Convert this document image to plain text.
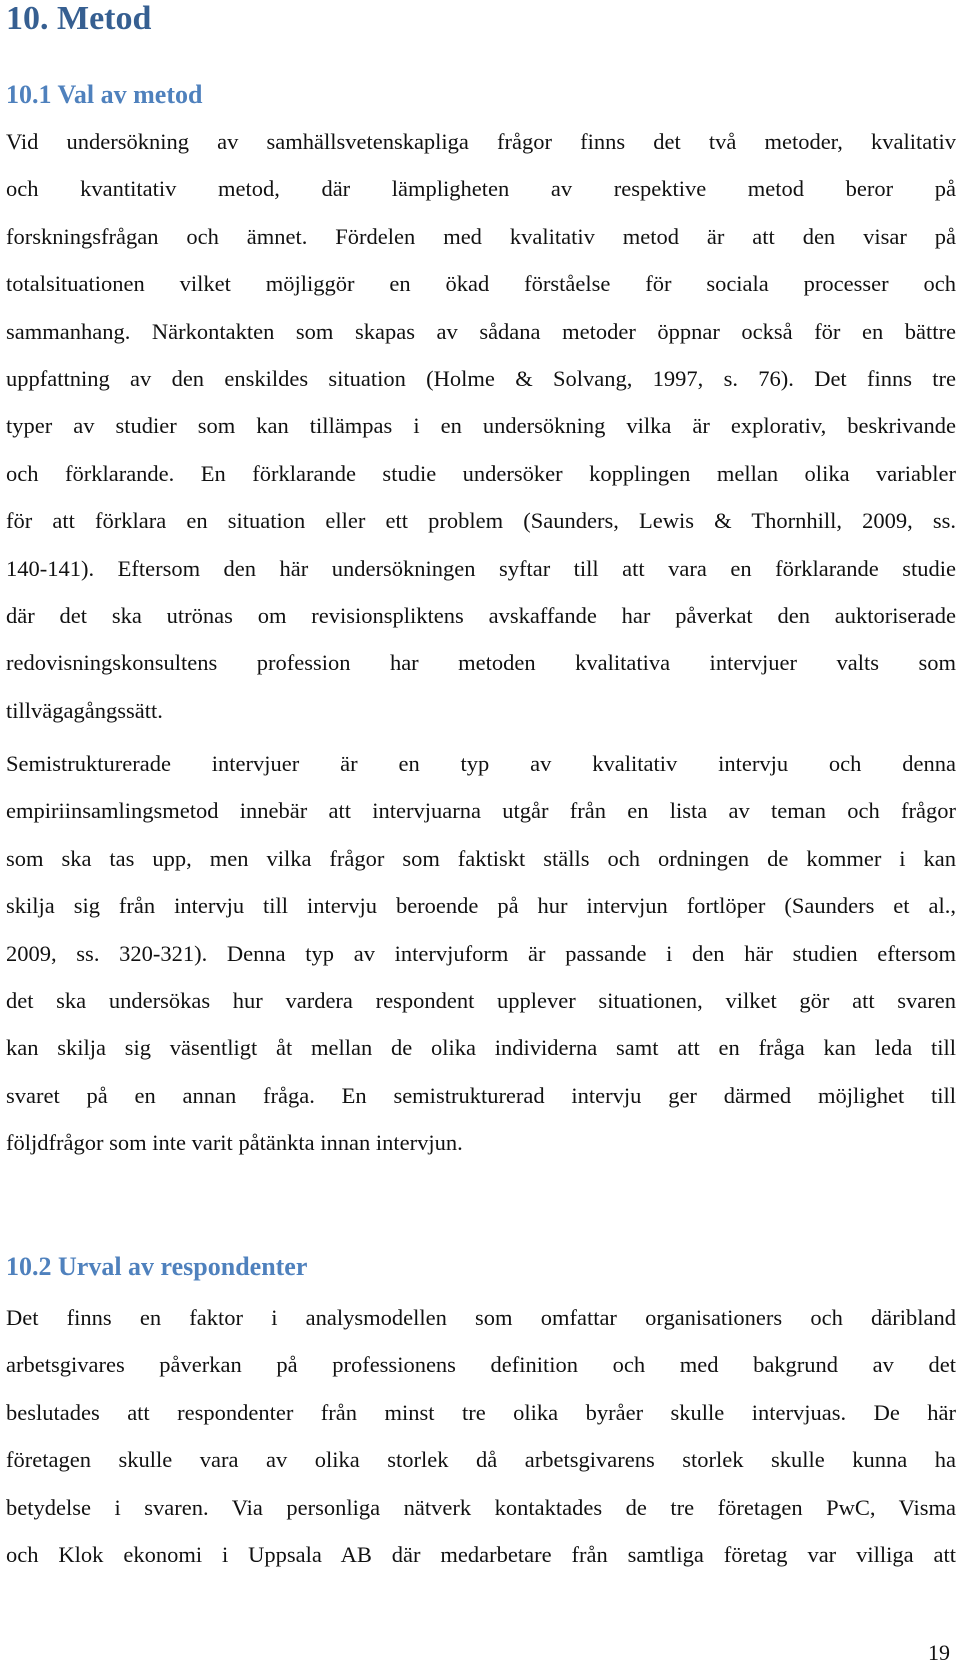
10. Metod
10.1 Val av metod

Vid undersökning av samhällsvetenskapliga frågor finns det två metoder, kvalitativ
och kvantitativ metod, där lämpligheten av respektive metod beror på
forskningsfrågan och ämnet. Fördelen med kvalitativ metod är att den visar på
totalsituationen vilket möjliggör en ökad förståelse för sociala processer och
sammanhang. Närkontakten som skapas av sådana metoder öppnar också för en bättre
uppfattning av den enskildes situation (Holme & Solvang, 1997, s. 76). Det finns tre
typer av studier som kan tillämpas i en undersökning vilka är explorativ, beskrivande
och förklarande. En förklarande studie undersöker kopplingen mellan olika variabler
för att förklara en situation eller ett problem (Saunders, Lewis & Thornhill, 2009, ss.
140-141). Eftersom den här undersökningen syftar till att vara en förklarande studie
där det ska utrönas om revisionspliktens avskaffande har påverkat den auktoriserade
redovisningskonsultens profession har metoden kvalitativa intervjuer valts som
tillvägagångssätt.

Semistrukturerade intervjuer är en typ av kvalitativ intervju och denna
empiriinsamlingsmetod innebär att intervjuarna utgår från en lista av teman och frågor
som ska tas upp, men vilka frågor som faktiskt ställs och ordningen de kommer i kan
skilja sig från intervju till intervju beroende på hur intervjun fortlöper (Saunders et al.,
2009, ss. 320-321). Denna typ av intervjuform är passande i den här studien eftersom
det ska undersökas hur vardera respondent upplever situationen, vilket gör att svaren
kan skilja sig väsentligt åt mellan de olika individerna samt att en fråga kan leda till
svaret på en annan fråga. En semistrukturerad intervju ger därmed möjlighet till
följdfrågor som inte varit påtänkta innan intervjun.

10.2 Urval av respondenter

Det finns en faktor i analysmodellen som omfattar organisationers och däribland
arbetsgivares påverkan på professionens definition och med bakgrund av det
beslutades att respondenter från minst tre olika byråer skulle intervjuas. De här
företagen skulle vara av olika storlek då arbetsgivarens storlek skulle kunna ha
betydelse i svaren. Via personliga nätverk kontaktades de tre företagen PwC, Visma
och Klok ekonomi i Uppsala AB där medarbetare från samtliga företag var villiga att

19
